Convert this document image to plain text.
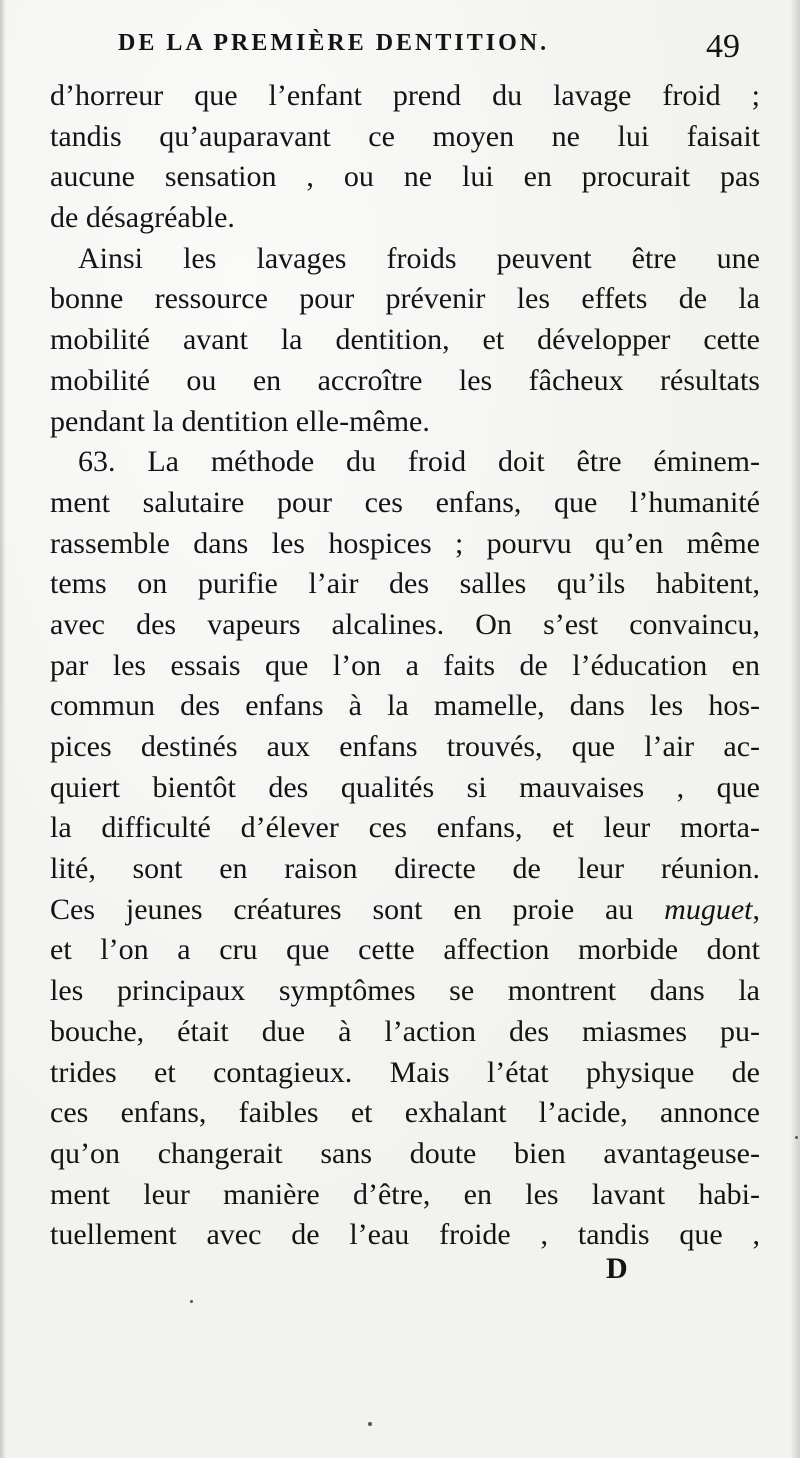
DE LA PREMIÈRE DENTITION.	49
d’horreur que l’enfant prend du lavage froid ;
tandis qu’auparavant ce moyen ne lui faisait
aucune sensation , ou ne lui en procurait pas
de désagréable.
Ainsi les lavages froids peuvent être une
bonne ressource pour prévenir les effets de la
mobilité avant la dentition, et développer cette
mobilité ou en accroître les fâcheux résultats
pendant la dentition elle-même.
63. La méthode du froid doit être éminem-
ment salutaire pour ces enfans, que l’humanité
rassemble dans les hospices ; pourvu qu’en même
tems on purifie l’air des salles qu’ils habitent,
avec des vapeurs alcalines. On s’est convaincu,
par les essais que l’on a faits de l’éducation en
commun des enfans à la mamelle, dans les hos-
pices destinés aux enfans trouvés, que l’air ac-
quiert bientôt des qualités si mauvaises , que
la difficulté d’élever ces enfans, et leur morta-
lité, sont en raison directe de leur réunion.
Ces jeunes créatures sont en proie au muguet,
et l’on a cru que cette affection morbide dont
les principaux symptômes se montrent dans la
bouche, était due à l’action des miasmes pu-
trides et contagieux. Mais l’état physique de
ces enfans, faibles et exhalant l’acide, annonce
qu’on changerait sans doute bien avantageuse-
ment leur manière d’être, en les lavant habi-
tuellement avec de l’eau froide , tandis que ,
D
